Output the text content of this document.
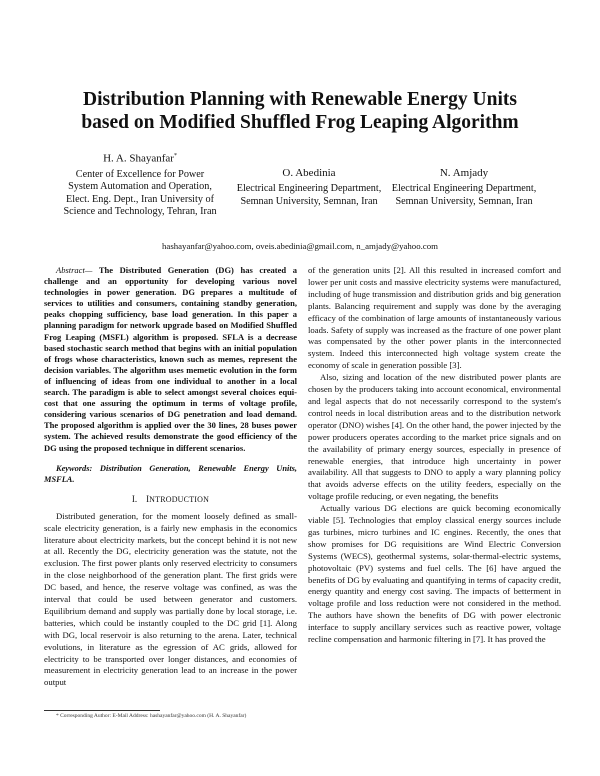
Distribution Planning with Renewable Energy Units
based on Modified Shuffled Frog Leaping Algorithm
H. A. Shayanfar*
Center of Excellence for Power
System Automation and Operation,
Elect. Eng. Dept., Iran University of
Science and Technology, Tehran, Iran
O. Abedinia
Electrical Engineering Department,
Semnan University, Semnan, Iran
N. Amjady
Electrical Engineering Department,
Semnan University, Semnan, Iran
hashayanfar@yahoo.com, oveis.abedinia@gmail.com, n_amjady@yahoo.com

Abstract— The Distributed Generation (DG) has created a challenge and an opportunity for developing various novel technologies in power generation. DG prepares a multitude of services to utilities and consumers, containing standby generation, peaks chopping sufficiency, base load generation. In this paper a planning paradigm for network upgrade based on Modified Shuffled Frog Leaping (MSFL) algorithm is proposed. SFLA is a decrease based stochastic search method that begins with an initial population of frogs whose characteristics, known such as memes, represent the decision variables. The algorithm uses memetic evolution in the form of influencing of ideas from one individual to another in a local search. The paradigm is able to select amongst several choices equi-cost that one assuring the optimum in terms of voltage profile, considering various scenarios of DG penetration and load demand. The proposed algorithm is applied over the 30 lines, 28 buses power system. The achieved results demonstrate the good efficiency of the DG using the proposed technique in different scenarios.

Keywords: Distribution Generation, Renewable Energy Units, MSFLA.

I. INTRODUCTION

Distributed generation, for the moment loosely defined as small-scale electricity generation, is a fairly new emphasis in the economics literature about electricity markets, but the concept behind it is not new at all. Recently the DG, electricity generation was the statute, not the exclusion. The first power plants only reserved electricity to consumers in the close neighborhood of the generation plant. The first grids were DC based, and hence, the reserve voltage was confined, as was the interval that could be used between generator and customers. Equilibrium demand and supply was partially done by local storage, i.e. batteries, which could be instantly coupled to the DC grid [1]. Along with DG, local reservoir is also returning to the arena. Later, technical evolutions, in literature as the egression of AC grids, allowed for electricity to be transported over longer distances, and economies of measurement in electricity generation lead to an increase in the power output

of the generation units [2]. All this resulted in increased comfort and lower per unit costs and massive electricity systems were manufactured, including of huge transmission and distribution grids and big generation plants. Balancing requirement and supply was done by the averaging efficacy of the combination of large amounts of instantaneously various loads. Safety of supply was increased as the fracture of one power plant was compensated by the other power plants in the interconnected system. Indeed this interconnected high voltage system create the economy of scale in generation possible [3].

Also, sizing and location of the new distributed power plants are chosen by the producers taking into account economical, environmental and legal aspects that do not necessarily correspond to the system's control needs in local distribution areas and to the distribution network operator (DNO) wishes [4]. On the other hand, the power injected by the power producers operates according to the market price signals and on the availability of primary energy sources, especially in presence of renewable energies, that introduce high uncertainty in power availability. All that suggests to DNO to apply a wary planning policy that avoids adverse effects on the utility feeders, especially on the voltage profile reducing, or even negating, the benefits

Actually various DG elections are quick becoming economically viable [5]. Technologies that employ classical energy sources include gas turbines, micro turbines and IC engines. Recently, the ones that show promises for DG requisitions are Wind Electric Conversion Systems (WECS), geothermal systems, solar-thermal-electric systems, photovoltaic (PV) systems and fuel cells. The [6] have argued the benefits of DG by evaluating and quantifying in terms of capacity credit, energy quantity and energy cost saving. The impacts of betterment in voltage profile and loss reduction were not considered in the method. The authors have shown the benefits of DG with power electronic interface to supply ancillary services such as reactive power, voltage recline compensation and harmonic filtering in [7]. It has proved the

* Corresponding Author: E-Mail Address: hashayanfar@yahoo.com (H. A. Shayanfar)
